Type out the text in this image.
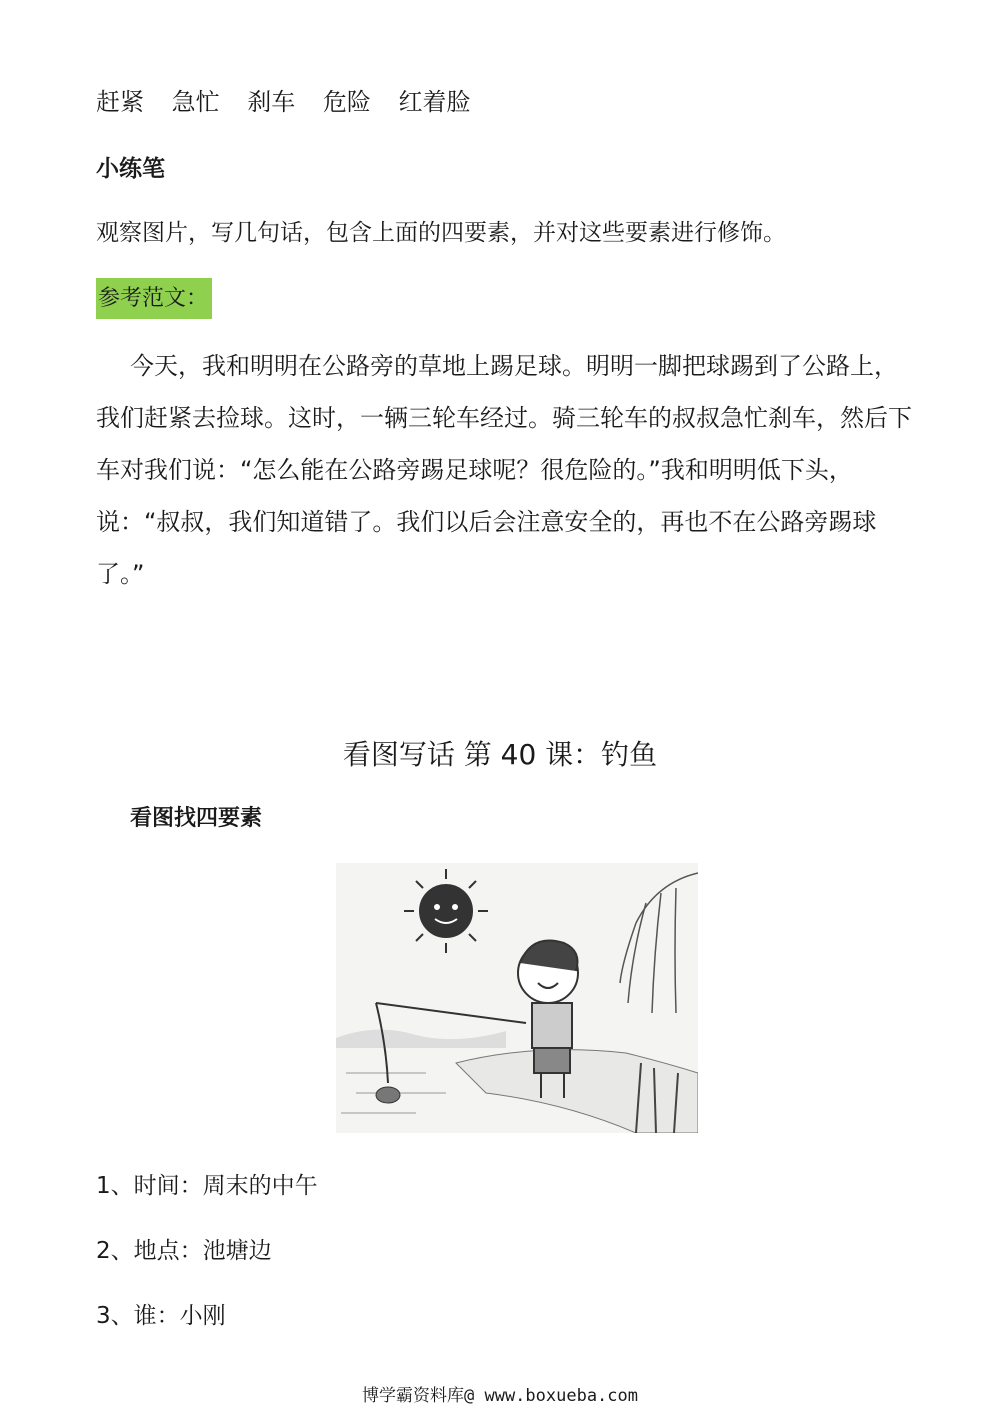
赶紧 急忙 刹车 危险 红着脸
小练笔
观察图片，写几句话，包含上面的四要素，并对这些要素进行修饰。
参考范文：
今天，我和明明在公路旁的草地上踢足球。明明一脚把球踢到了公路上，我们赶紧去捡球。这时，一辆三轮车经过。骑三轮车的叔叔急忙刹车，然后下车对我们说：“怎么能在公路旁踢足球呢？很危险的。”我和明明低下头，说：“叔叔，我们知道错了。我们以后会注意安全的，再也不在公路旁踢球了。”
看图写话 第 40 课：钓鱼
看图找四要素
1、时间：周末的中午
2、地点：池塘边
3、谁：小刚
博学霸资料库@ www.boxueba.com
